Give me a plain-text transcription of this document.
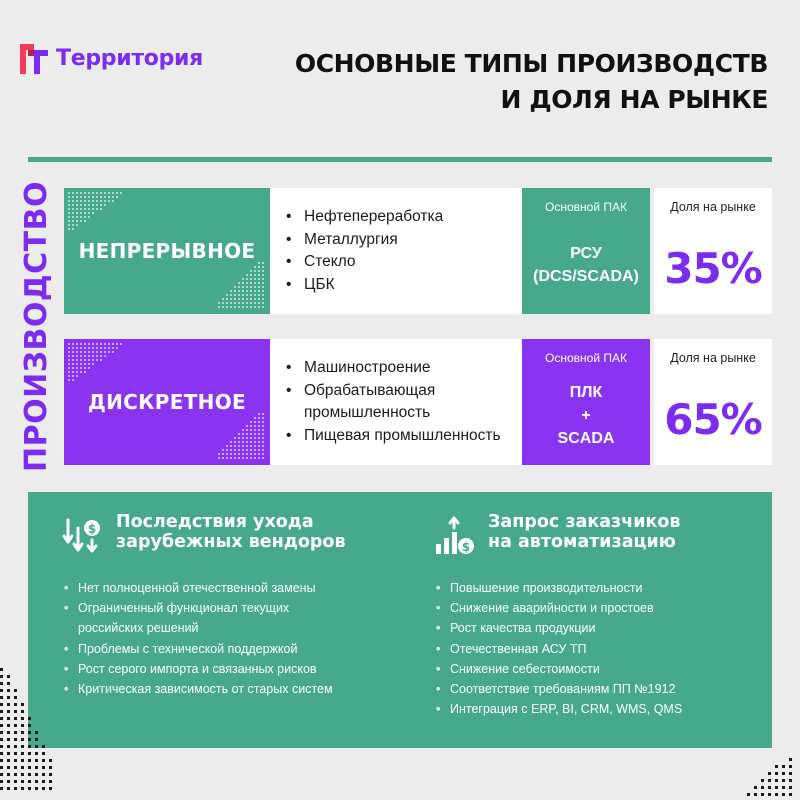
Территория	ОСНОВНЫЕ ТИПЫ ПРОИЗВОДСТВ
И ДОЛЯ НА РЫНКЕ
ПРОИЗВОДСТВО НЕПРЕРЫВНОЕ
• Нефтепереработка
• Металлургия
• Стекло
• ЦБК
Основной ПАК
РСУ
(DCS/SCADA)
Доля на рынке
35%
ДИСКРЕТНОЕ
• Машиностроение
• Обрабатывающая
промышленность
• Пищевая промышленность
Основной ПАК
ПЛК
+
SCADA
Доля на рынке
65%
$ Последствия ухода
зарубежных вендоров
• Нет полноценной отечественной замены
• Ограниченный функционал текущих
российских решений
• Проблемы с технической поддержкой
• Рост серого импорта и связанных рисков
• Критическая зависимость от старых систем
$
Запрос заказчиков
на автоматизацию
• Повышение производительности
• Снижение аварийности и простоев
• Рост качества продукции
• Отечественная АСУ ТП
• Снижение себестоимости
• Соответствие требованиям ПП №1912
• Интеграция с ERP, BI, CRM, WMS, QMS
